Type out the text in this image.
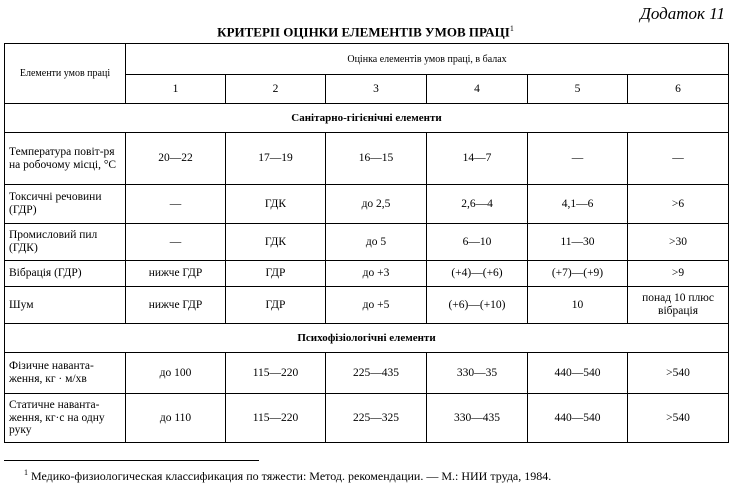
Додаток 11
КРИТЕРІІ ОЦІНКИ ЕЛЕМЕНТІВ УМОВ ПРАЦІ$^1$
Елементи умов праці	Оцінка елементів умов праці, в балах					
	1	2	3	4	5	6
Санітарно-гігієнічні елементи						
Температура повіт-ря на робочому місці, °С	20—22	17—19	16—15	14—7	—	—
Токсичні речовини (ГДР)	—	ГДК	до 2,5	2,6—4	4,1—6	>6
Промисловий пил (ГДК)	—	ГДК	до 5	6—10	11—30	>30
Вібрація (ГДР)	нижче ГДР	ГДР	до +3	(+4)—(+6)	(+7)—(+9)	>9
Шум	нижче ГДР	ГДР	до +5	(+6)—(+10)	10	понад 10 плюс вібрація
Психофізіологічні елементи						
Фізичне наванта-ження, кг · м/хв	до 100	115—220	225—435	330—35	440—540	>540
Статичне наванта-ження, кг·с на одну руку	до 110	115—220	225—325	330—435	440—540	>540
$^1$ Медико-физиологическая классификация по тяжести: Метод. рекомендации. — М.: НИИ труда, 1984.
